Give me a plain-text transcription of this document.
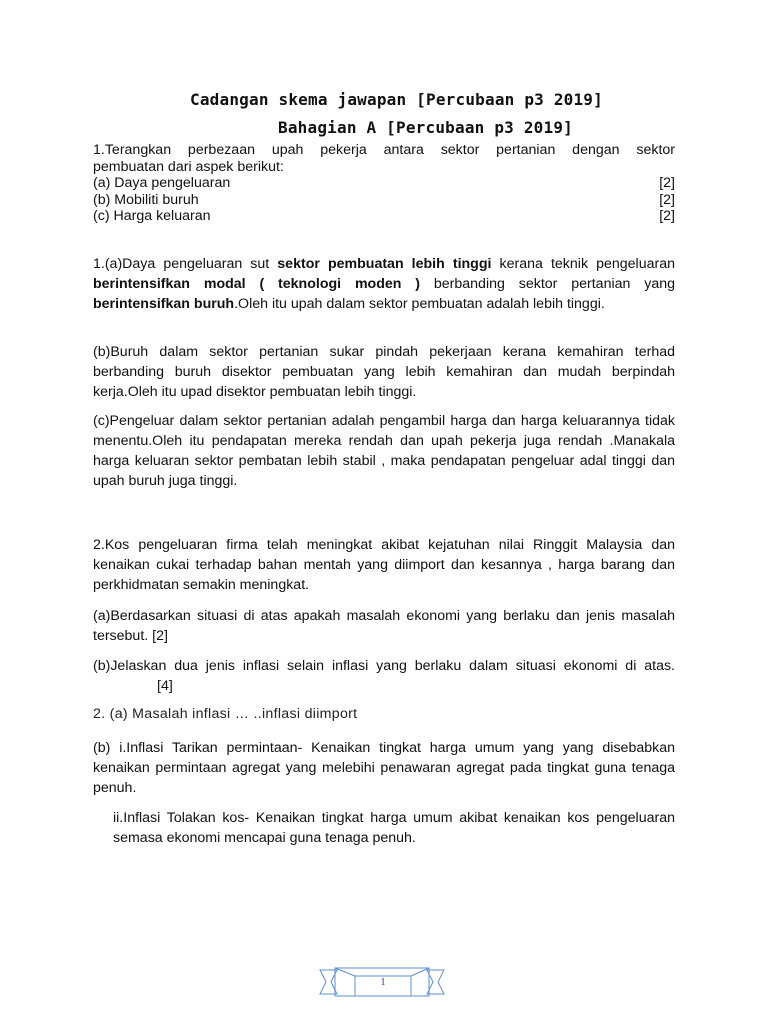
Cadangan skema jawapan [Percubaan p3 2019]
Bahagian A [Percubaan p3 2019]
1.Terangkan perbezaan upah pekerja antara sektor pertanian dengan sektor
pembuatan dari aspek berikut:
(a) Daya pengeluaran	[2]
(b) Mobiliti buruh	[2]
(c) Harga keluaran	[2]
1.(a)Daya pengeluaran sut sektor pembuatan lebih tinggi kerana teknik pengeluaran berintensifkan modal ( teknologi moden ) berbanding sektor pertanian yang berintensifkan buruh.Oleh itu upah dalam sektor pembuatan adalah lebih tinggi.
(b)Buruh dalam sektor pertanian sukar pindah pekerjaan kerana kemahiran terhad berbanding buruh disektor pembuatan yang lebih kemahiran dan mudah berpindah kerja.Oleh itu upad disektor pembuatan lebih tinggi.
(c)Pengeluar dalam sektor pertanian adalah pengambil harga dan harga keluarannya tidak menentu.Oleh itu pendapatan mereka rendah dan upah pekerja juga rendah .Manakala harga keluaran sektor pembatan lebih stabil , maka pendapatan pengeluar adal tinggi dan upah buruh juga tinggi.
2.Kos pengeluaran firma telah meningkat akibat kejatuhan nilai Ringgit Malaysia dan kenaikan cukai terhadap bahan mentah yang diimport dan kesannya , harga barang dan perkhidmatan semakin meningkat.
(a)Berdasarkan situasi di atas apakah masalah ekonomi yang berlaku dan jenis masalah tersebut. [2]
(b)Jelaskan dua jenis inflasi selain inflasi yang berlaku dalam situasi ekonomi di atas.[4]
2. (a) Masalah inflasi … ..inflasi diimport
(b) i.Inflasi Tarikan permintaan- Kenaikan tingkat harga umum yang yang disebabkan kenaikan permintaan agregat yang melebihi penawaran agregat pada tingkat guna tenaga penuh.
ii.Inflasi Tolakan kos- Kenaikan tingkat harga umum akibat kenaikan kos pengeluaran semasa ekonomi mencapai guna tenaga penuh.
1
